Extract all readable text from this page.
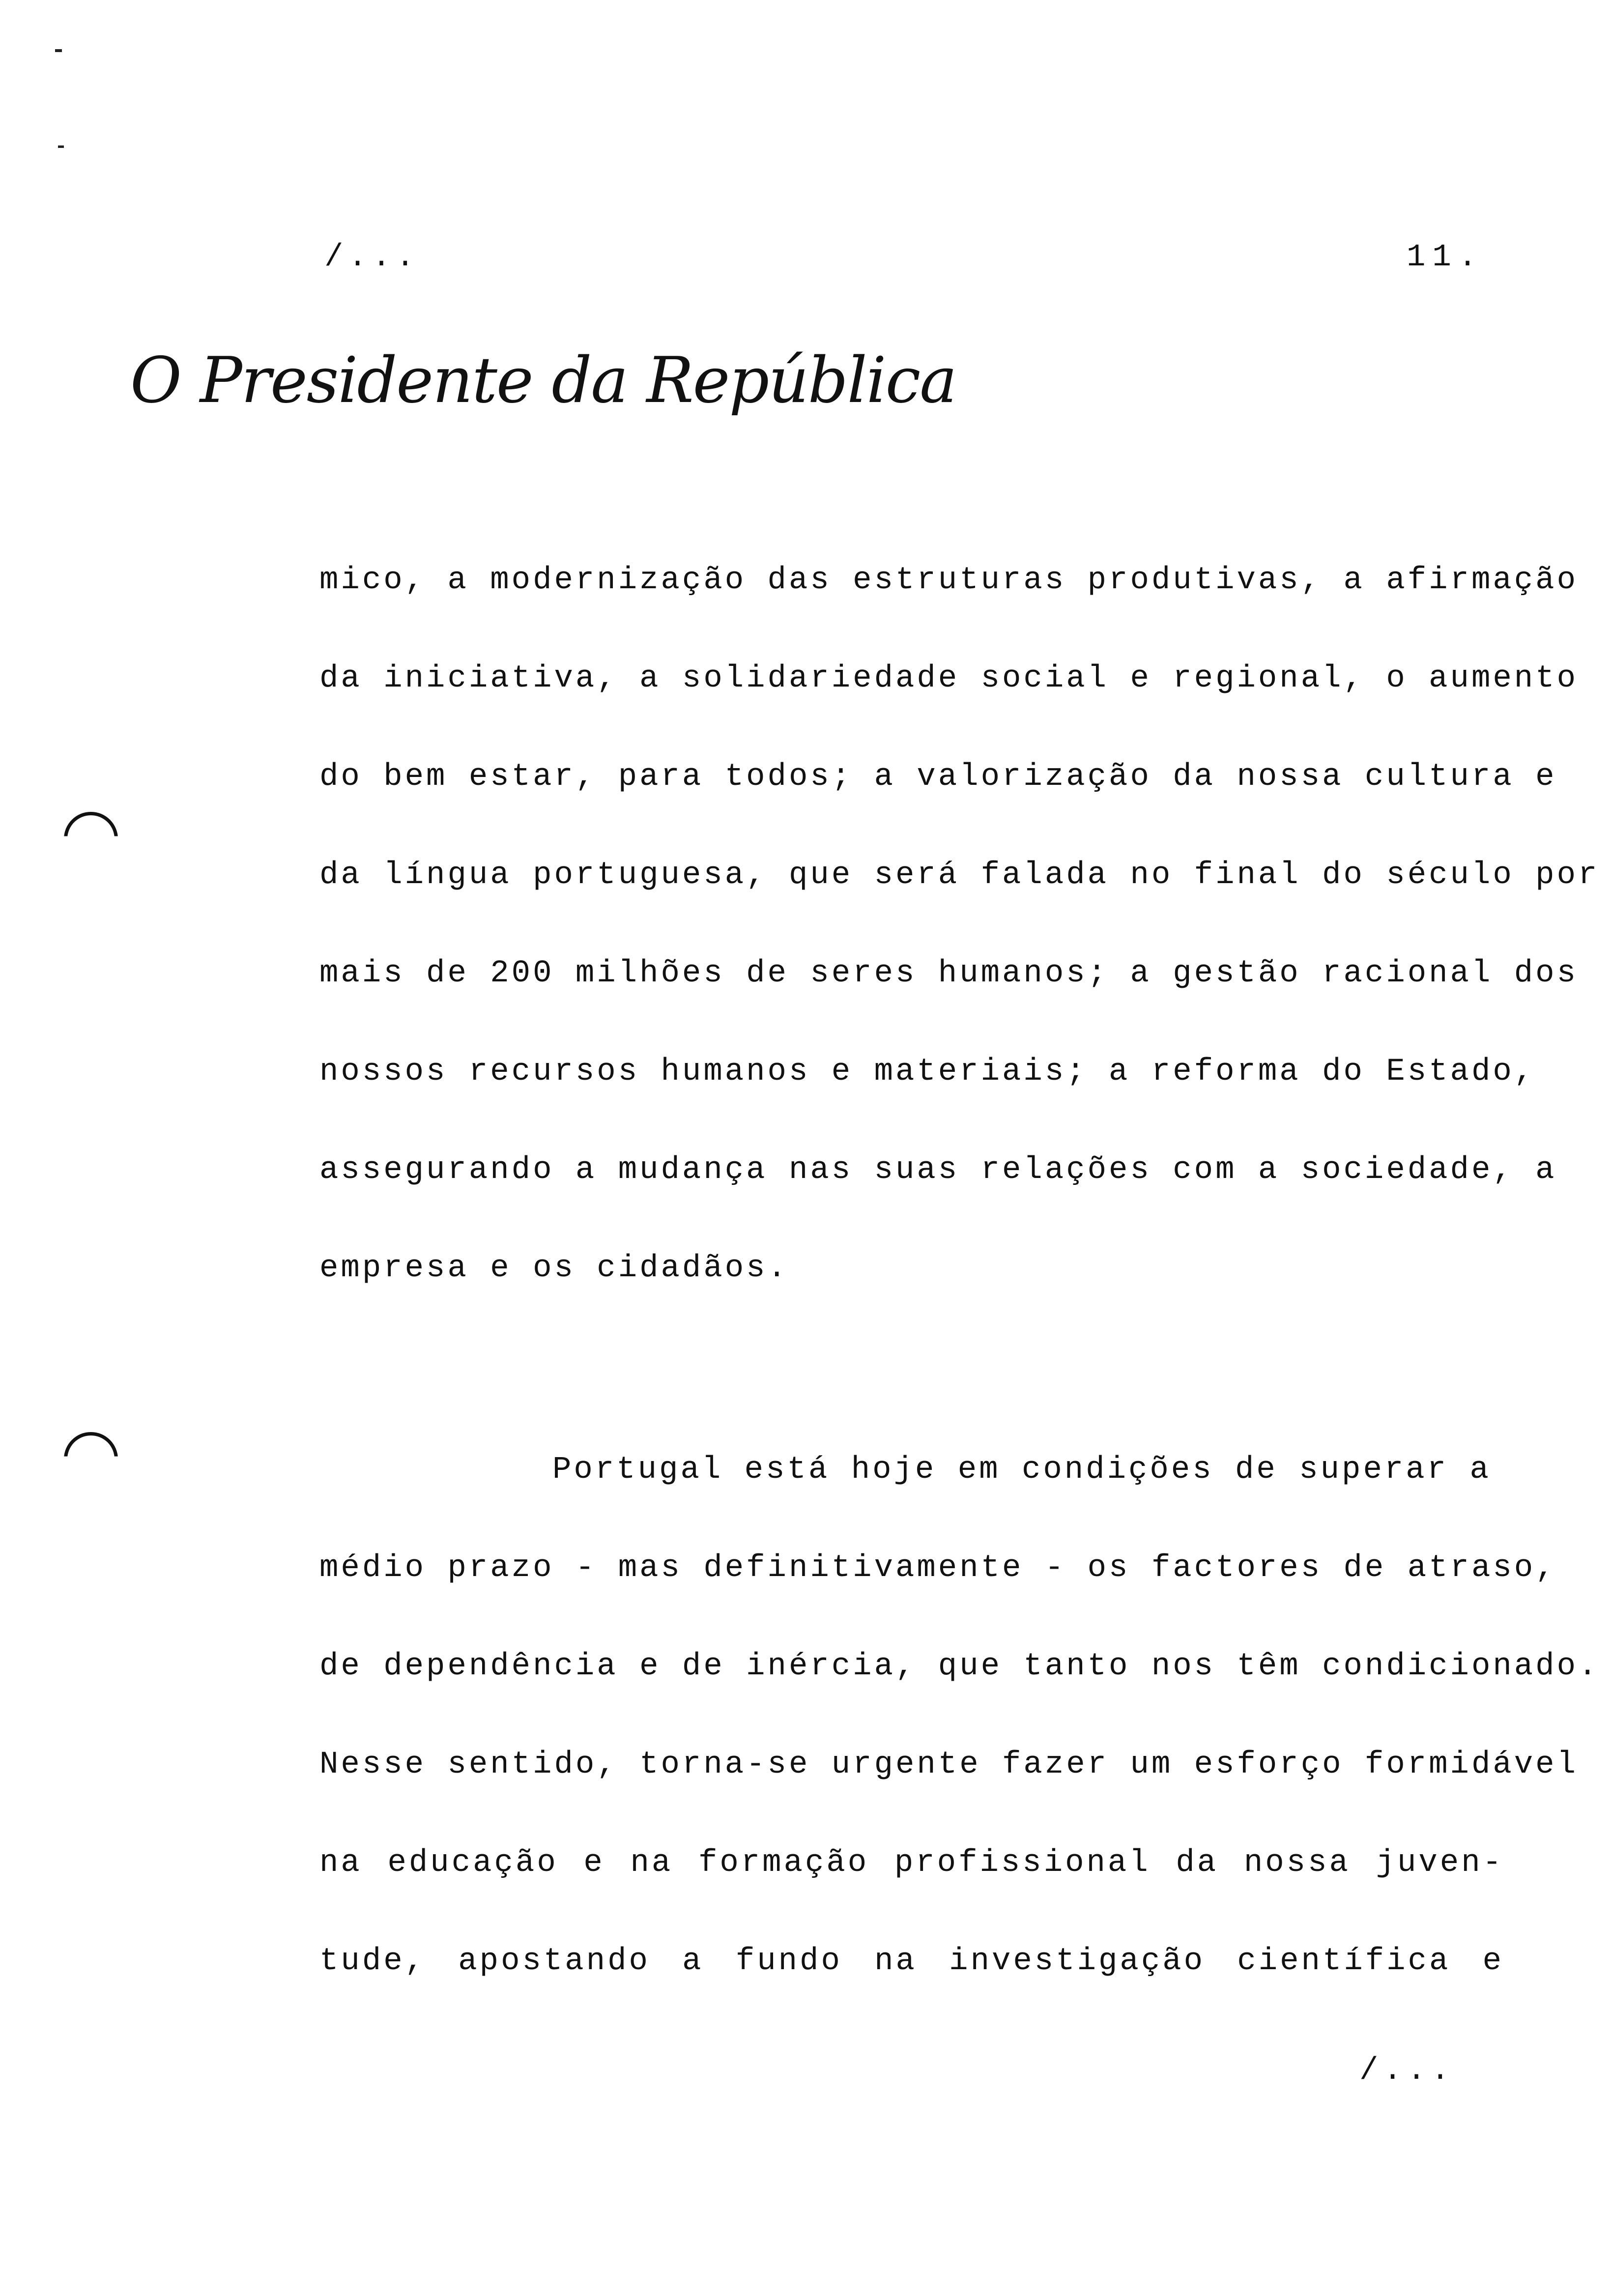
/...	11.
O Presidente da República
mico, a modernização das estruturas produtivas, a afirmação
da iniciativa, a solidariedade social e regional, o aumento
do bem estar, para todos; a valorização da nossa cultura e
da língua portuguesa, que será falada no final do século por
mais de 200 milhões de seres humanos; a gestão racional dos
nossos recursos humanos e materiais; a reforma do Estado,
assegurando a mudança nas suas relações com a sociedade, a
empresa e os cidadãos.
Portugal está hoje em condições de superar a
médio prazo - mas definitivamente - os factores de atraso,
de dependência e de inércia, que tanto nos têm condicionado.
Nesse sentido, torna-se urgente fazer um esforço formidável
na educação e na formação profissional da nossa juven-
tude, apostando a fundo na investigação científica e
/...
